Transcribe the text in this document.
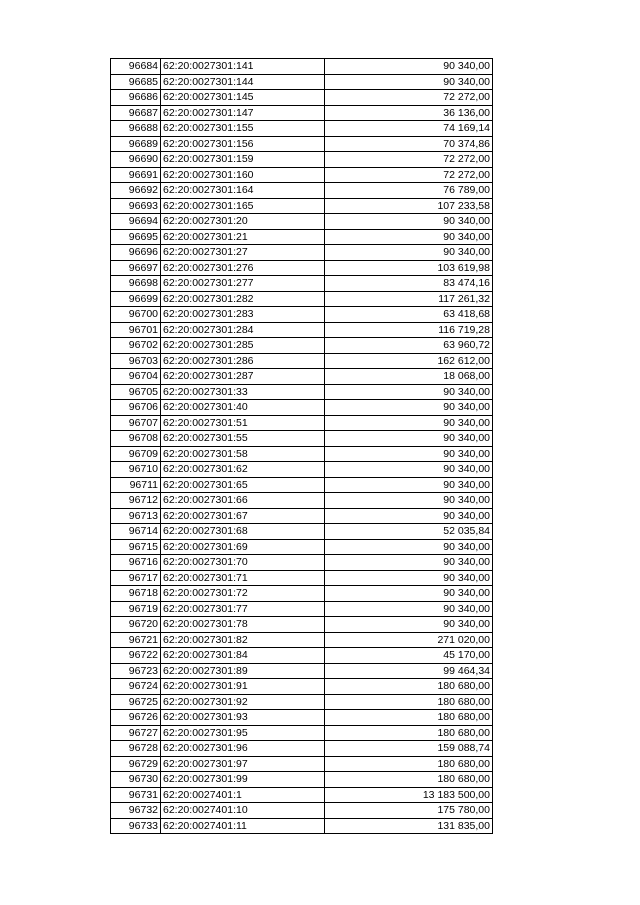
96684	62:20:0027301:141	90 340,00
96685	62:20:0027301:144	90 340,00
96686	62:20:0027301:145	72 272,00
96687	62:20:0027301:147	36 136,00
96688	62:20:0027301:155	74 169,14
96689	62:20:0027301:156	70 374,86
96690	62:20:0027301:159	72 272,00
96691	62:20:0027301:160	72 272,00
96692	62:20:0027301:164	76 789,00
96693	62:20:0027301:165	107 233,58
96694	62:20:0027301:20	90 340,00
96695	62:20:0027301:21	90 340,00
96696	62:20:0027301:27	90 340,00
96697	62:20:0027301:276	103 619,98
96698	62:20:0027301:277	83 474,16
96699	62:20:0027301:282	117 261,32
96700	62:20:0027301:283	63 418,68
96701	62:20:0027301:284	116 719,28
96702	62:20:0027301:285	63 960,72
96703	62:20:0027301:286	162 612,00
96704	62:20:0027301:287	18 068,00
96705	62:20:0027301:33	90 340,00
96706	62:20:0027301:40	90 340,00
96707	62:20:0027301:51	90 340,00
96708	62:20:0027301:55	90 340,00
96709	62:20:0027301:58	90 340,00
96710	62:20:0027301:62	90 340,00
96711	62:20:0027301:65	90 340,00
96712	62:20:0027301:66	90 340,00
96713	62:20:0027301:67	90 340,00
96714	62:20:0027301:68	52 035,84
96715	62:20:0027301:69	90 340,00
96716	62:20:0027301:70	90 340,00
96717	62:20:0027301:71	90 340,00
96718	62:20:0027301:72	90 340,00
96719	62:20:0027301:77	90 340,00
96720	62:20:0027301:78	90 340,00
96721	62:20:0027301:82	271 020,00
96722	62:20:0027301:84	45 170,00
96723	62:20:0027301:89	99 464,34
96724	62:20:0027301:91	180 680,00
96725	62:20:0027301:92	180 680,00
96726	62:20:0027301:93	180 680,00
96727	62:20:0027301:95	180 680,00
96728	62:20:0027301:96	159 088,74
96729	62:20:0027301:97	180 680,00
96730	62:20:0027301:99	180 680,00
96731	62:20:0027401:1	13 183 500,00
96732	62:20:0027401:10	175 780,00
96733	62:20:0027401:11	131 835,00
